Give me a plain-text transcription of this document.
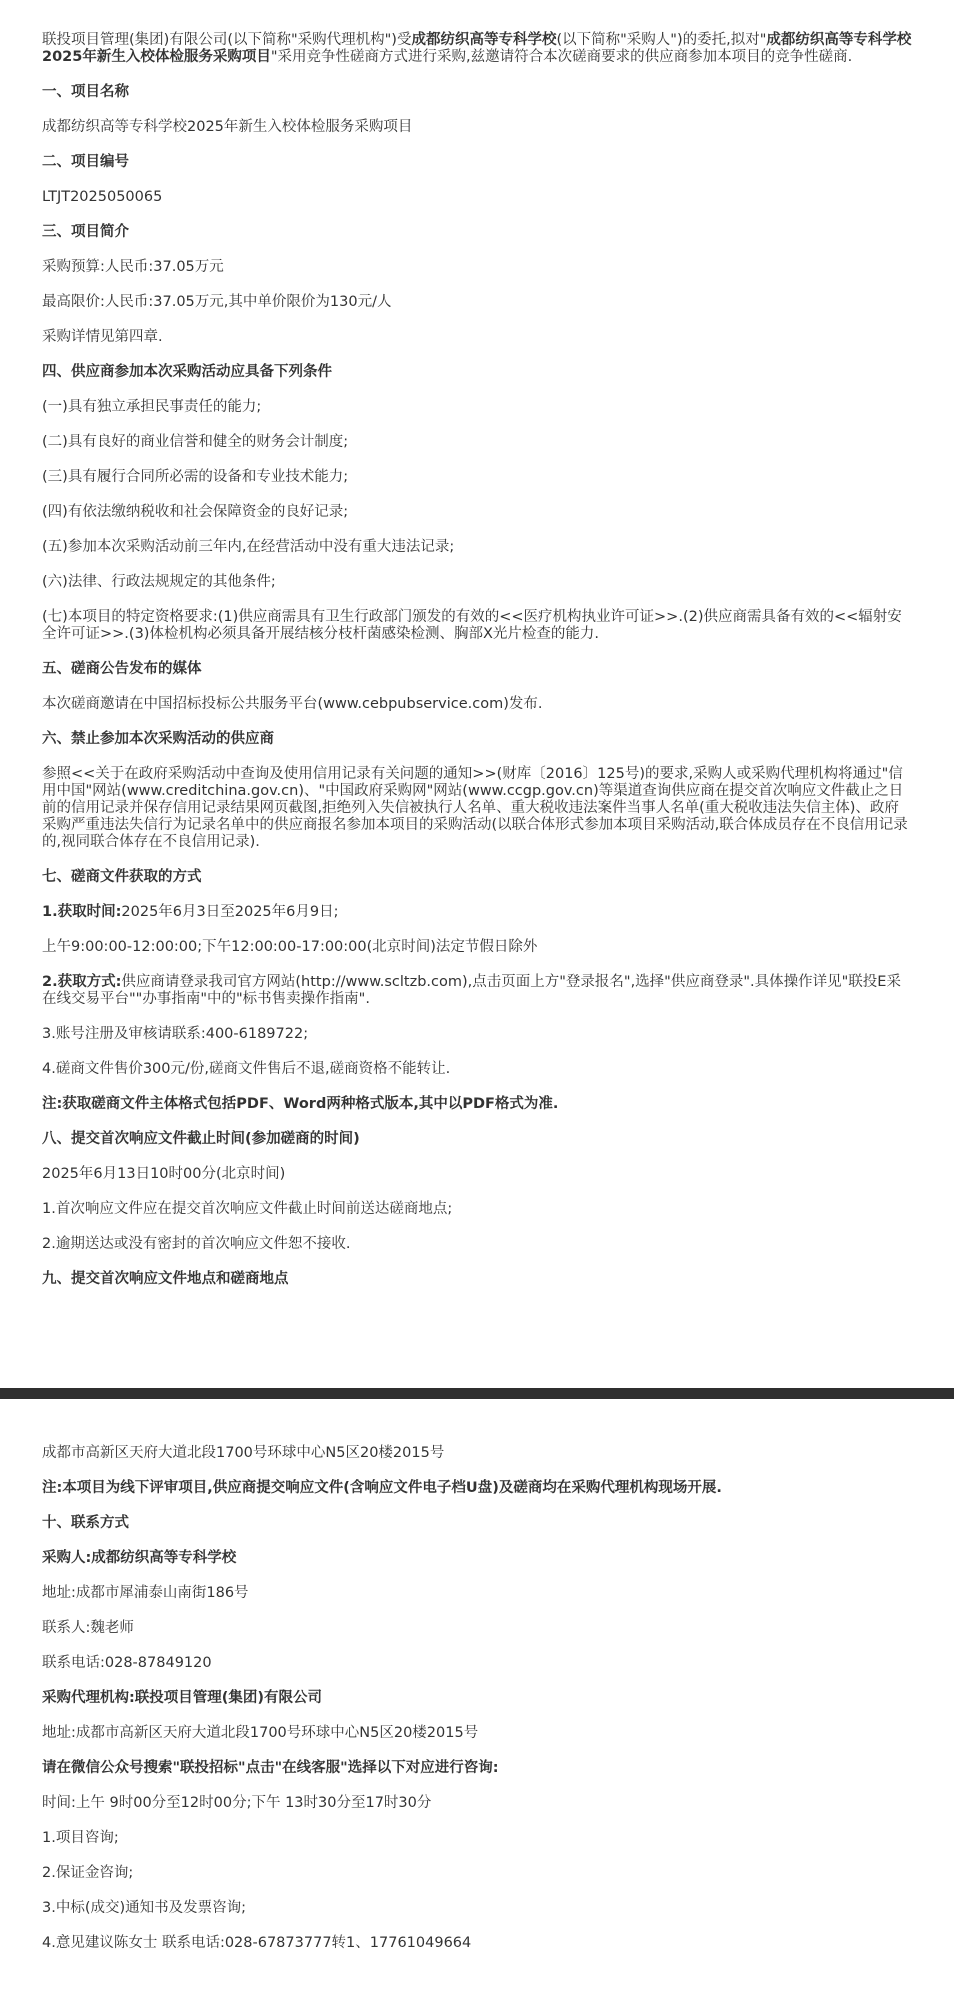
联投项目管理(集团)有限公司(以下简称"采购代理机构")受成都纺织高等专科学校(以下简称"采购人")的委托,拟对"成都纺织高等专科学校2025年新生入校体检服务采购项目"采用竞争性磋商方式进行采购,兹邀请符合本次磋商要求的供应商参加本项目的竞争性磋商.

一、项目名称

成都纺织高等专科学校2025年新生入校体检服务采购项目

二、项目编号

LTJT2025050065

三、项目简介

采购预算:人民币:37.05万元

最高限价:人民币:37.05万元,其中单价限价为130元/人

采购详情见第四章.

四、供应商参加本次采购活动应具备下列条件

(一)具有独立承担民事责任的能力;

(二)具有良好的商业信誉和健全的财务会计制度;

(三)具有履行合同所必需的设备和专业技术能力;

(四)有依法缴纳税收和社会保障资金的良好记录;

(五)参加本次采购活动前三年内,在经营活动中没有重大违法记录;

(六)法律、行政法规规定的其他条件;

(七)本项目的特定资格要求:(1)供应商需具有卫生行政部门颁发的有效的<<医疗机构执业许可证>>.(2)供应商需具备有效的<<辐射安全许可证>>.(3)体检机构必须具备开展结核分枝杆菌感染检测、胸部X光片检查的能力.

五、磋商公告发布的媒体

本次磋商邀请在中国招标投标公共服务平台(www.cebpubservice.com)发布.

六、禁止参加本次采购活动的供应商

参照<<关于在政府采购活动中查询及使用信用记录有关问题的通知>>(财库〔2016〕125号)的要求,采购人或采购代理机构将通过"信用中国"网站(www.creditchina.gov.cn)、"中国政府采购网"网站(www.ccgp.gov.cn)等渠道查询供应商在提交首次响应文件截止之日前的信用记录并保存信用记录结果网页截图,拒绝列入失信被执行人名单、重大税收违法案件当事人名单(重大税收违法失信主体)、政府采购严重违法失信行为记录名单中的供应商报名参加本项目的采购活动(以联合体形式参加本项目采购活动,联合体成员存在不良信用记录的,视同联合体存在不良信用记录).

七、磋商文件获取的方式

1.获取时间:2025年6月3日至2025年6月9日;

上午9:00:00-12:00:00;下午12:00:00-17:00:00(北京时间)法定节假日除外

2.获取方式:供应商请登录我司官方网站(http://www.scltzb.com),点击页面上方"登录报名",选择"供应商登录".具体操作详见"联投E采在线交易平台""办事指南"中的"标书售卖操作指南".

3.账号注册及审核请联系:400-6189722;

4.磋商文件售价300元/份,磋商文件售后不退,磋商资格不能转让.

注:获取磋商文件主体格式包括PDF、Word两种格式版本,其中以PDF格式为准.

八、提交首次响应文件截止时间(参加磋商的时间)

2025年6月13日10时00分(北京时间)

1.首次响应文件应在提交首次响应文件截止时间前送达磋商地点;

2.逾期送达或没有密封的首次响应文件恕不接收.

九、提交首次响应文件地点和磋商地点

成都市高新区天府大道北段1700号环球中心N5区20楼2015号

注:本项目为线下评审项目,供应商提交响应文件(含响应文件电子档U盘)及磋商均在采购代理机构现场开展.

十、联系方式

采购人:成都纺织高等专科学校

地址:成都市犀浦泰山南街186号

联系人:魏老师

联系电话:028-87849120

采购代理机构:联投项目管理(集团)有限公司

地址:成都市高新区天府大道北段1700号环球中心N5区20楼2015号

请在微信公众号搜索"联投招标"点击"在线客服"选择以下对应进行咨询:

时间:上午 9时00分至12时00分;下午 13时30分至17时30分

1.项目咨询;

2.保证金咨询;

3.中标(成交)通知书及发票咨询;

4.意见建议陈女士 联系电话:028-67873777转1、17761049664
